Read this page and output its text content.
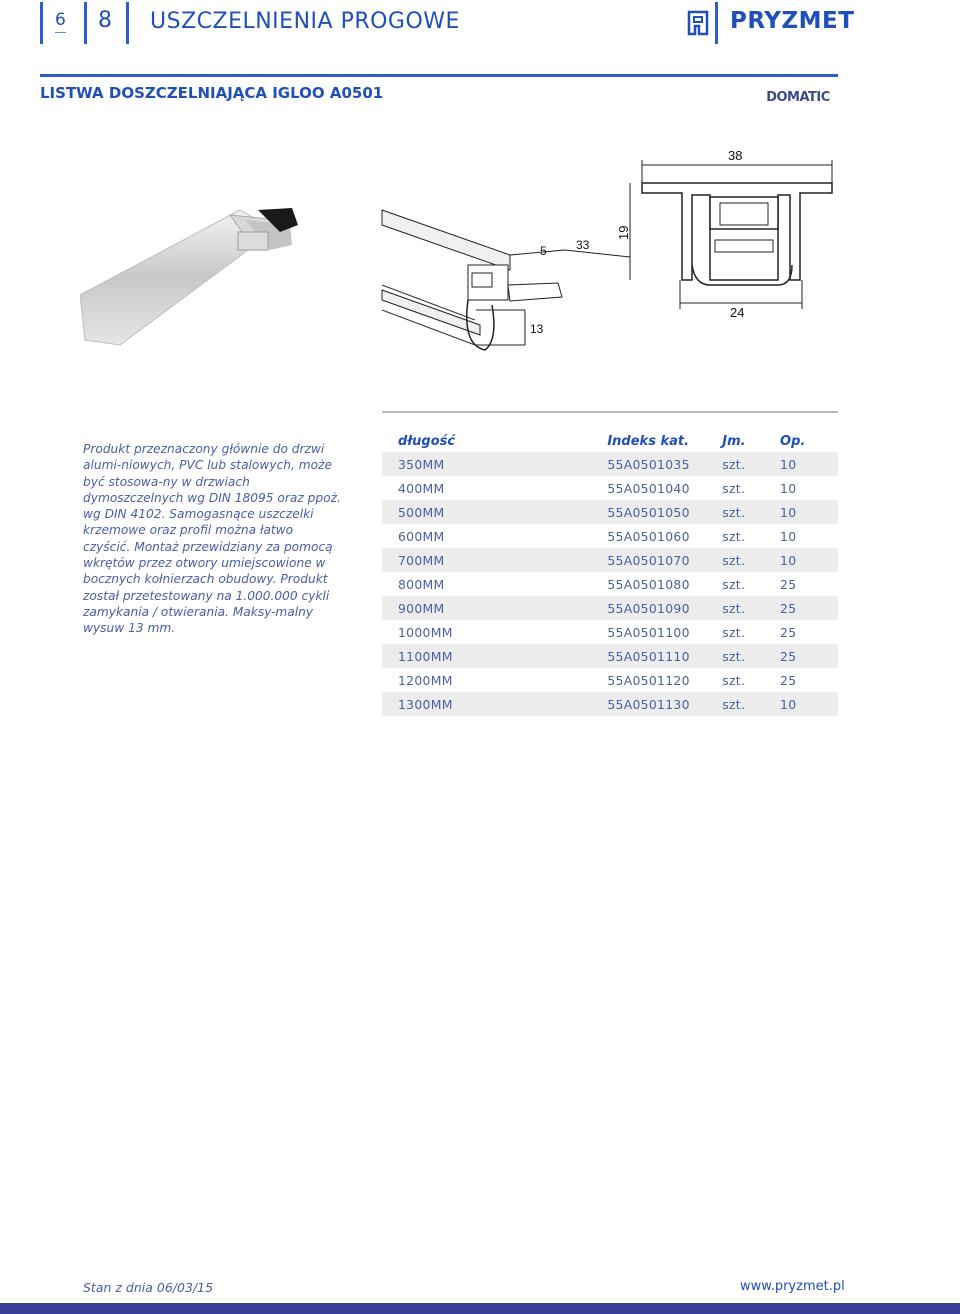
6 8 USZCZELNIENIA PROGOWE	PRYZMET
LISTWA DOSZCZELNIAJĄCA IGLOO A0501	DOMATIC
5 33
13
38
19
24

Produkt przeznaczony głównie do drzwi alumi-niowych, PVC lub stalowych, może być stosowa-ny w drzwiach dymoszczelnych wg DIN 18095 oraz ppoż. wg DIN 4102. Samogasnące uszczelki krzemowe oraz profil można łatwo czyścić. Montaż przewidziany za pomocą wkrętów przez otwory umiejscowione w bocznych kołnierzach obudowy. Produkt został przetestowany na 1.000.000 cykli zamykania / otwierania. Maksy-malny wysuw 13 mm.

długość	Indeks kat.	Jm.	Op.
350MM	55A0501035	szt.	10
400MM	55A0501040	szt.	10
500MM	55A0501050	szt.	10
600MM	55A0501060	szt.	10
700MM	55A0501070	szt.	10
800MM	55A0501080	szt.	25
900MM	55A0501090	szt.	25
1000MM	55A0501100	szt.	25
1100MM	55A0501110	szt.	25
1200MM	55A0501120	szt.	25
1300MM	55A0501130	szt.	10
Stan z dnia 06/03/15	www.pryzmet.pl
